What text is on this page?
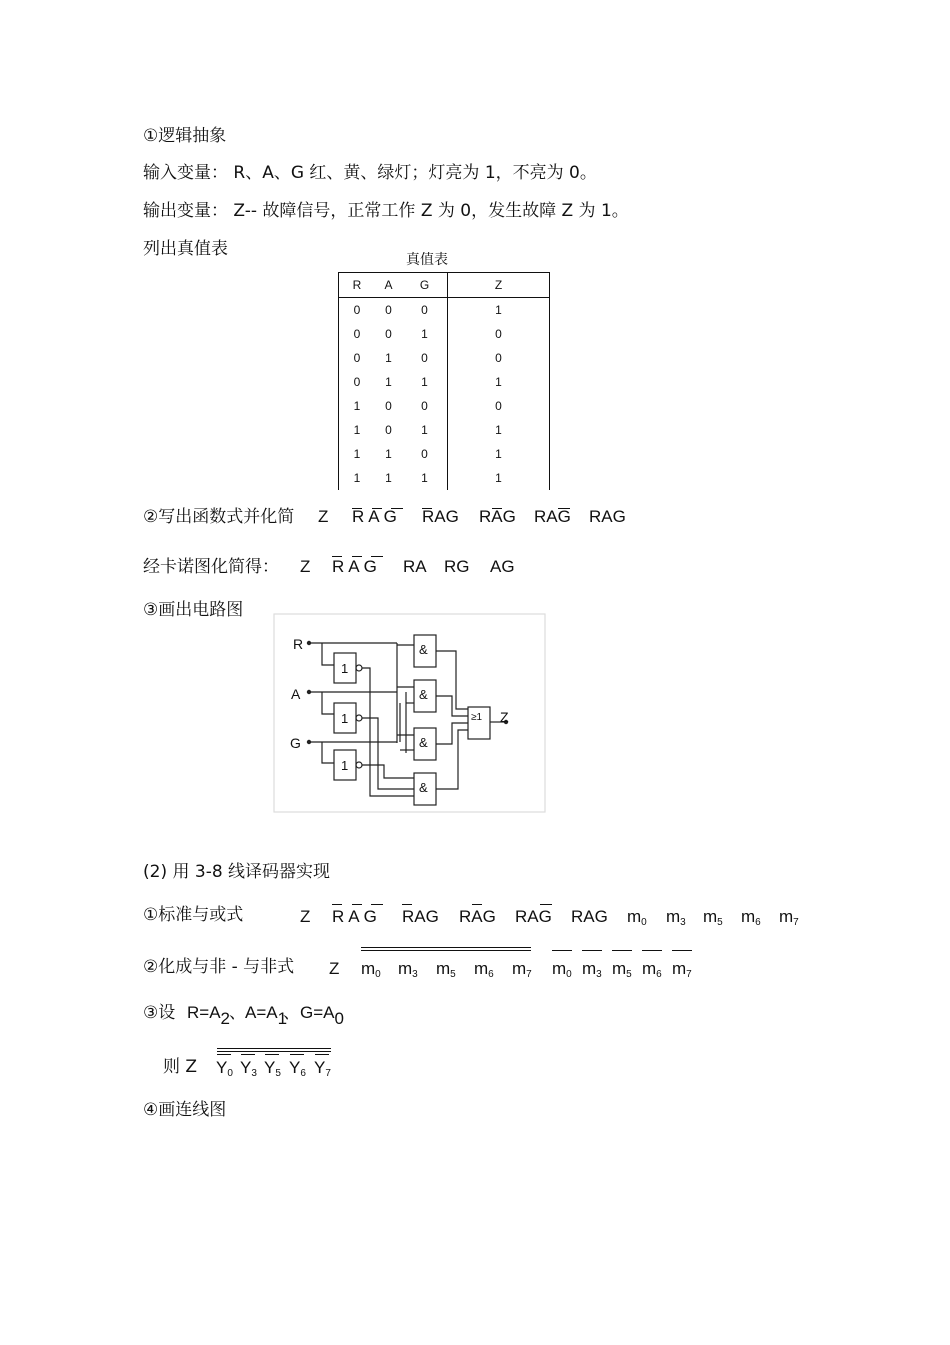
①逻辑抽象
输入变量： R、A、G 红、黄、绿灯；灯亮为 1，不亮为 0。
输出变量： Z-- 故障信号，正常工作 Z 为 0，发生故障 Z 为 1。
列出真值表
真值表
R	A	G	Z
0	0	0	1
0	0	1	0
0	1	0	0
0	1	1	1
1	0	0	0
1	0	1	1
1	1	0	1
1	1	1	1
②写出函数式并化简 Z RAG RAG RAG RAG RAG
经卡诺图化简得： Z RAG RA RG AG
③画出电路图
R
A
G
Z
1
1
1
&
&
&
&
≥1
(2) 用 3-8 线译码器实现
①标准与或式	Z RAG RAG RAG RAG RAG $m_0$ $m_3$ $m_5$ $m_6$ $m_7$
②化成与非 - 与非式 Z $m_0$ $m_3$ $m_5$ $m_6$ $m_7$ $m_0$ $m_3$ $m_5$ $m_6$ $m_7$
③设 R=A2
、 A=A1
、 G=A0
则 Z $Y_0$ $Y_3$ $Y_5$ $Y_6$ $Y_7$
④画连线图
